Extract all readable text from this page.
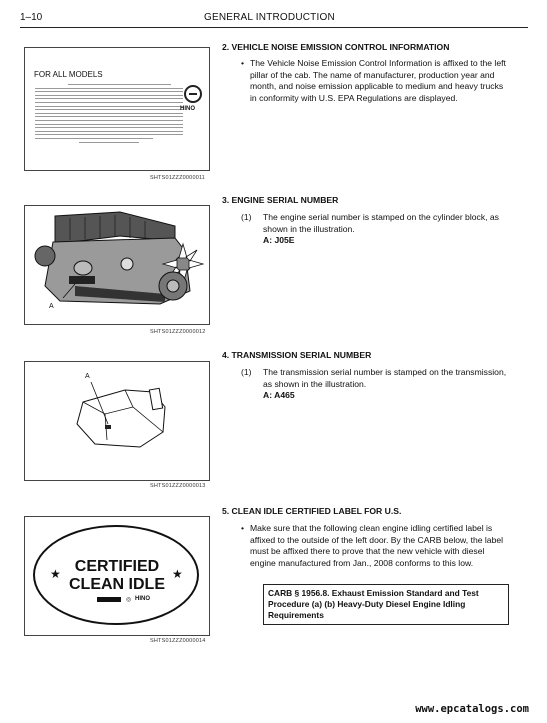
1–10	GENERAL INTRODUCTION
FOR ALL MODELS
HINO
SHTS01ZZZ0000011
A
SHTS01ZZZ0000012
A
SHTS01ZZZ0000013
★	★
CERTIFIED
CLEAN IDLE
◎ HINO
SHTS01ZZZ0000014
2. VEHICLE NOISE EMISSION CONTROL INFORMATION
• The Vehicle Noise Emission Control Information is affixed to the left pillar of the cab. The name of manufacturer, production year and month, and noise emission applicable to medium and heavy trucks in conformity with U.S. EPA Regulations are displayed.
3. ENGINE SERIAL NUMBER
(1)	The engine serial number is stamped on the cylinder block, as shown in the illustration.
A: J05E
4. TRANSMISSION SERIAL NUMBER
(1)	The transmission serial number is stamped on the transmission, as shown in the illustration.
A: A465
5. CLEAN IDLE CERTIFIED LABEL FOR U.S.
• Make sure that the following clean engine idling certified label is affixed to the outside of the left door. By the CARB below, the label must be affixed there to prove that the new vehicle with diesel engine manufactured from Jan., 2008 conforms to this low.
CARB § 1956.8. Exhaust Emission Standard and Test Procedure (a) (b) Heavy-Duty Diesel Engine Idling Requirements
www.epcatalogs.com
